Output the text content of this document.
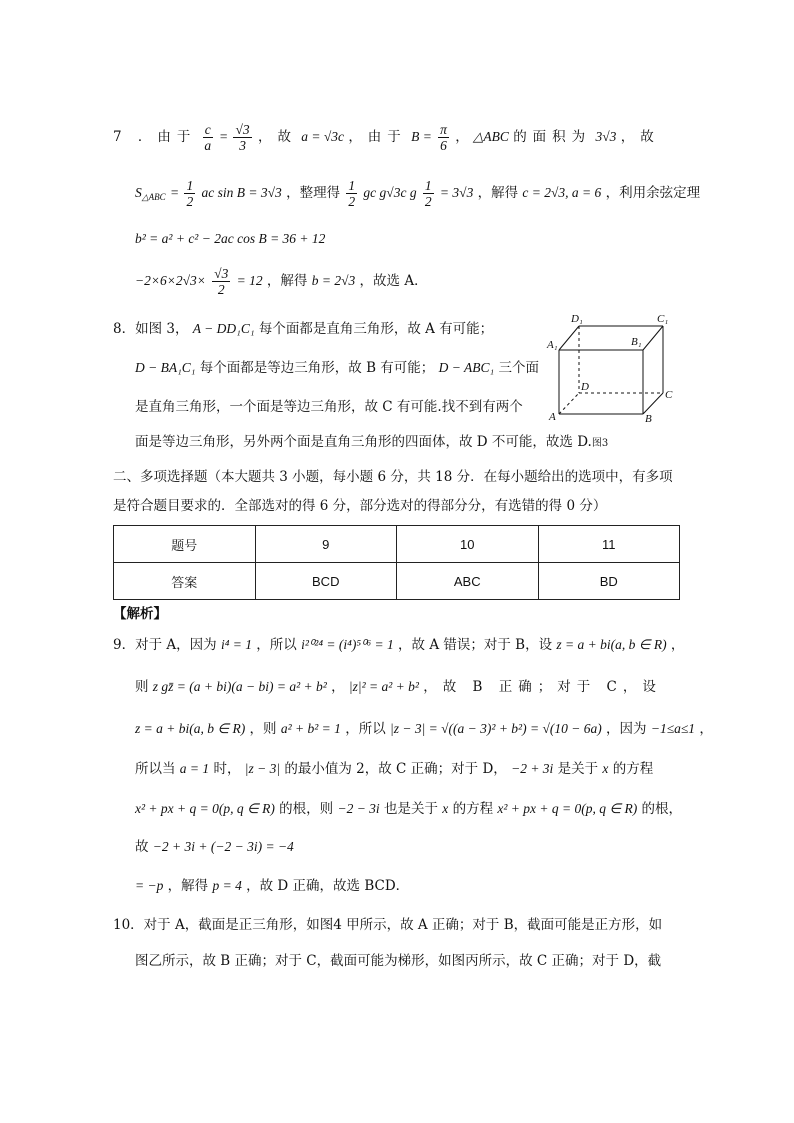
7 ．由于 $\frac{c}{a} = \frac{√3}{3}$ ，故 a = √3c ，由于 $B = \frac{\pi}{6}$ ， △ABC 的面积为 3√3 ，故
$S_{\triangle ABC} = \frac{1}{2}$ ac sin B = 3√3 ，整理得 $\frac{1}{2}$ gc g√3c g $\frac{1}{2} = 3√3$ ，解得 c = 2√3, a = 6 ，利用余弦定理
b² = a² + c² − 2ac cos B = 36 + 12
$-2\times 6\times 2√3\times \frac{√3}{2} = 12$ ，解得 b = 2√3 ，故选 A．
8．如图 3， A − DD₁C₁ 每个面都是直角三角形，故 A 有可能；
D − BA₁C₁ 每个面都是等边三角形，故 B 有可能； D − ABC₁ 三个面
是直角三角形，一个面是等边三角形，故 C 有可能.找不到有两个
面是等边三角形，另外两个面是直角三角形的四面体，故 D 不可能，故选 D.图3
D₁	C₁
B₁
A₁
D
C
A	B
二、多项选择题（本大题共 3 小题，每小题 6 分，共 18 分．在每小题给出的选项中，有多项
是符合题目要求的．全部选对的得 6 分，部分选对的得部分分，有选错的得 0 分）
题号	9	10	11
答案	BCD	ABC	BD
【解析】
9．对于 A，因为 i⁴ = 1 ，所以 i²⁰²⁴ = (i⁴)⁵⁰⁶ = 1 ，故 A 错误；对于 B，设 z = a + bi(a, b ∈ R) ，
则 z gz̄ = (a + bi)(a − bi) = a² + b² ， |z|² = a² + b² ，故 B 正确；对于 C，设
z = a + bi(a, b ∈ R) ，则 a² + b² = 1 ，所以 |z − 3| = √((a − 3)² + b²) = √(10 − 6a) ，因为 −1≤a≤1 ，
所以当 a = 1 时， |z − 3| 的最小值为 2，故 C 正确；对于 D， −2 + 3i 是关于 x 的方程
x² + px + q = 0(p, q ∈ R) 的根，则 −2 − 3i 也是关于 x 的方程 x² + px + q = 0(p, q ∈ R) 的根，
故 −2 + 3i + (−2 − 3i) = −4
= −p ，解得 p = 4 ，故 D 正确，故选 BCD．
10．对于 A，截面是正三角形，如图4 甲所示，故 A 正确；对于 B，截面可能是正方形，如
图乙所示，故 B 正确；对于 C，截面可能为梯形，如图丙所示，故 C 正确；对于 D，截
